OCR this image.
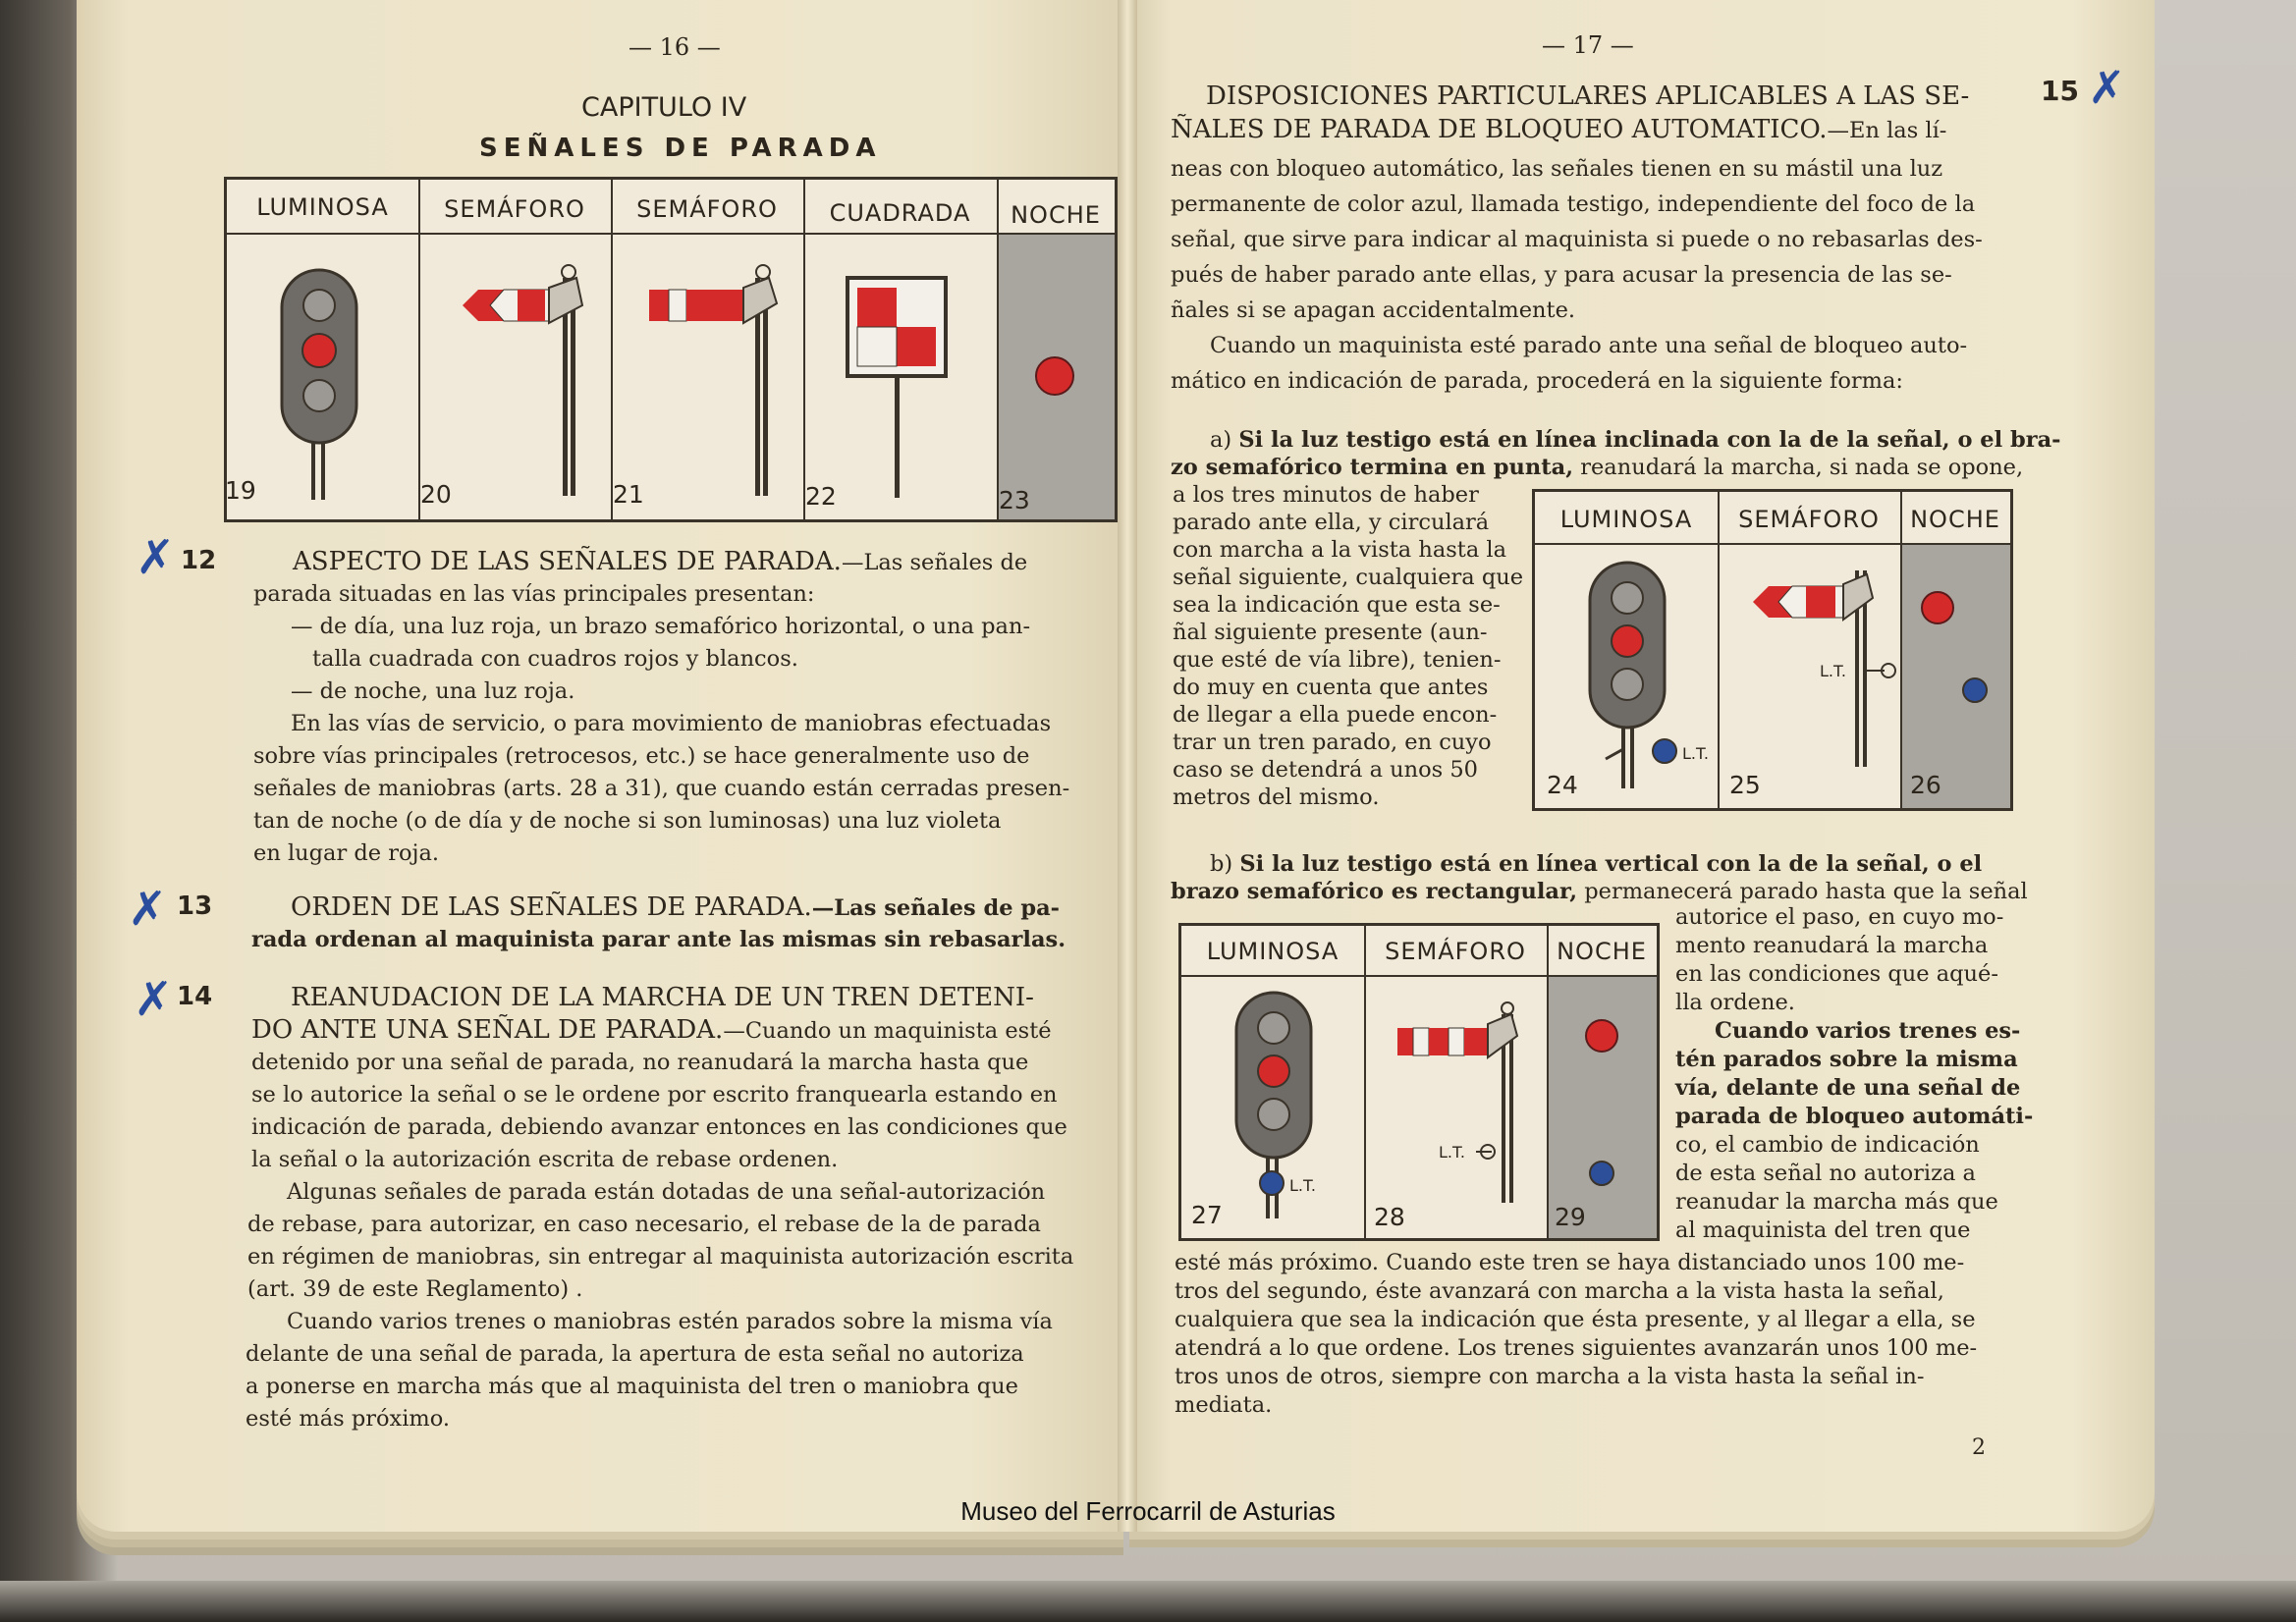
— 16 —
CAPITULO IV
SEÑALES DE PARADA
LUMINOSA	SEMÁFORO	SEMÁFORO	CUADRADA	NOCHE
19	20	21	22	23
✗ 12	ASPECTO DE LAS SEÑALES DE PARADA.—Las señales de
parada situadas en las vías principales presentan:
— de día, una luz roja, un brazo semafórico horizontal, o una pan-
talla cuadrada con cuadros rojos y blancos.
— de noche, una luz roja.
En las vías de servicio, o para movimiento de maniobras efectuadas
sobre vías principales (retrocesos, etc.) se hace generalmente uso de
señales de maniobras (arts. 28 a 31), que cuando están cerradas presen-
tan de noche (o de día y de noche si son luminosas) una luz violeta
en lugar de roja.
✗ 13	ORDEN DE LAS SEÑALES DE PARADA.—Las señales de pa-
rada ordenan al maquinista parar ante las mismas sin rebasarlas.
✗ 14	REANUDACION DE LA MARCHA DE UN TREN DETENI-
DO ANTE UNA SEÑAL DE PARADA.—Cuando un maquinista esté
detenido por una señal de parada, no reanudará la marcha hasta que
se lo autorice la señal o se le ordene por escrito franquearla estando en
indicación de parada, debiendo avanzar entonces en las condiciones que
la señal o la autorización escrita de rebase ordenen.
Algunas señales de parada están dotadas de una señal-autorización
de rebase, para autorizar, en caso necesario, el rebase de la de parada
en régimen de maniobras, sin entregar al maquinista autorización escrita
(art. 39 de este Reglamento) .
Cuando varios trenes o maniobras estén parados sobre la misma vía
delante de una señal de parada, la apertura de esta señal no autoriza
a ponerse en marcha más que al maquinista del tren o maniobra que
esté más próximo.
— 17 —
15 ✗
DISPOSICIONES PARTICULARES APLICABLES A LAS SE-
ÑALES DE PARADA DE BLOQUEO AUTOMATICO.—En las lí-
neas con bloqueo automático, las señales tienen en su mástil una luz
permanente de color azul, llamada testigo, independiente del foco de la
señal, que sirve para indicar al maquinista si puede o no rebasarlas des-
pués de haber parado ante ellas, y para acusar la presencia de las se-
ñales si se apagan accidentalmente.
Cuando un maquinista esté parado ante una señal de bloqueo auto-
mático en indicación de parada, procederá en la siguiente forma:
a) Si la luz testigo está en línea inclinada con la de la señal, o el bra-
zo semafórico termina en punta, reanudará la marcha, si nada se opone,
a los tres minutos de haber
parado ante ella, y circulará
con marcha a la vista hasta la
señal siguiente, cualquiera que
sea la indicación que esta se-
ñal siguiente presente (aun-
que esté de vía libre), tenien-
do muy en cuenta que antes
de llegar a ella puede encon-
trar un tren parado, en cuyo
caso se detendrá a unos 50
metros del mismo.
LUMINOSA	SEMÁFORO	NOCHE
24	25	26
L.T.
L.T.
b) Si la luz testigo está en línea vertical con la de la señal, o el
brazo semafórico es rectangular, permanecerá parado hasta que la señal
autorice el paso, en cuyo mo-
mento reanudará la marcha
en las condiciones que aqué-
lla ordene.
Cuando varios trenes es-
tén parados sobre la misma
vía, delante de una señal de
parada de bloqueo automáti-
co, el cambio de indicación
de esta señal no autoriza a
reanudar la marcha más que
al maquinista del tren que
LUMINOSA	SEMÁFORO	NOCHE
27	28	29
L.T.
L.T.
esté más próximo. Cuando este tren se haya distanciado unos 100 me-
tros del segundo, éste avanzará con marcha a la vista hasta la señal,
cualquiera que sea la indicación que ésta presente, y al llegar a ella, se
atendrá a lo que ordene. Los trenes siguientes avanzarán unos 100 me-
tros unos de otros, siempre con marcha a la vista hasta la señal in-
mediata.
2
Museo del Ferrocarril de Asturias
